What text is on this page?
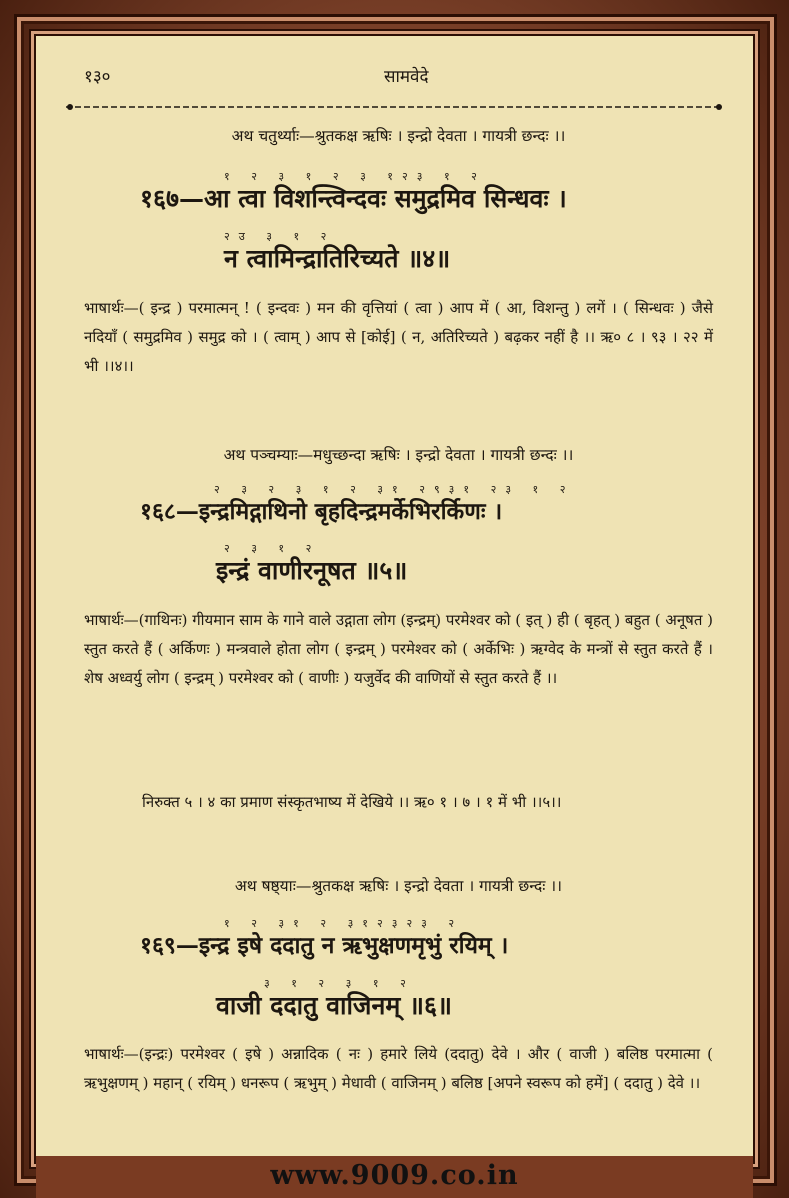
१३०	सामवेदे
अथ चतुर्थ्याः—श्रुतकक्ष ऋषिः । इन्द्रो देवता । गायत्री छन्दः ।।
१ २ ३ १ २ ३ १२३ १ २
१६७—आ त्वा विशन्त्विन्दवः समुद्रमिव सिन्धवः ।
२उ ३ १ २
न त्वामिन्द्रातिरिच्यते ॥४॥
भाषार्थः—( इन्द्र ) परमात्मन् ! ( इन्दवः ) मन की वृत्तियां ( त्वा ) आप में ( आ, विशन्तु ) लगें । ( सिन्धवः ) जैसे नदियाँ ( समुद्रमिव ) समुद्र को । ( त्वाम् ) आप से [कोई] ( न, अतिरिच्यते ) बढ़कर नहीं है ।। ऋ० ८ । ९३ । २२ में भी ।।४।।
अथ पञ्चम्याः—मधुच्छन्दा ऋषिः । इन्द्रो देवता । गायत्री छन्दः ।।
२ ३ २ ३ १ २ ३१ २९३१ २३ १ २
१६८—इन्द्रमिद्गाथिनो बृहदिन्द्रमर्केभिरर्किणः ।
२ ३ १ २
इन्द्रं वाणीरनूषत ॥५॥
भाषार्थः—(गाथिनः) गीयमान साम के गाने वाले उद्गाता लोग (इन्द्रम्) परमेश्वर को ( इत् ) ही ( बृहत् ) बहुत ( अनूषत ) स्तुत करते हैं ( अर्किणः ) मन्त्रवाले होता लोग ( इन्द्रम् ) परमेश्वर को ( अर्केभिः ) ऋग्वेद के मन्त्रों से स्तुत करते हैं । शेष अध्वर्यु लोग ( इन्द्रम् ) परमेश्वर को ( वाणीः ) यजुर्वेद की वाणियों से स्तुत करते हैं ।।
निरुक्त ५ । ४ का प्रमाण संस्कृतभाष्य में देखिये ।। ऋ० १ । ७ । १ में भी ।।५।।
अथ षष्ठ्याः—श्रुतकक्ष ऋषिः । इन्द्रो देवता । गायत्री छन्दः ।।
१ २ ३१ २ ३१२३२३ २
१६९—इन्द्र इषे ददातु न ऋभुक्षणमृभुं रयिम् ।
३ १ २ ३ १ २
वाजी ददातु वाजिनम् ॥६॥
भाषार्थः—(इन्द्रः) परमेश्वर ( इषे ) अन्नादिक ( नः ) हमारे लिये (ददातु) देवे । और ( वाजी ) बलिष्ठ परमात्मा ( ऋभुक्षणम् ) महान् ( रयिम् ) धनरूप ( ऋभुम् ) मेधावी ( वाजिनम् ) बलिष्ठ [अपने स्वरूप को हमें] ( ददातु ) देवे ।।
www.9009.co.in
